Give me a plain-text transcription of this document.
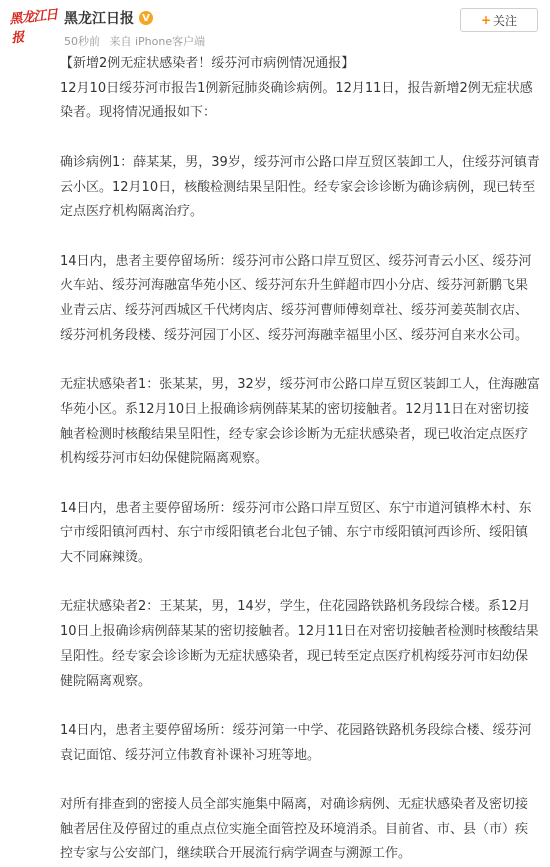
黑龙江日报
黑龙江日报 V
50秒前 来自 iPhone客户端
+ 关注

【新增2例无症状感染者！绥芬河市病例情况通报】

12月10日绥芬河市报告1例新冠肺炎确诊病例。12月11日，报告新增2例无症状感染者。现将情况通报如下：

确诊病例1：薛某某，男，39岁，绥芬河市公路口岸互贸区装卸工人，住绥芬河镇青云小区。12月10日，核酸检测结果呈阳性。经专家会诊诊断为确诊病例，现已转至定点医疗机构隔离治疗。

14日内，患者主要停留场所：绥芬河市公路口岸互贸区、绥芬河青云小区、绥芬河火车站、绥芬河海融富华苑小区、绥芬河东升生鲜超市四小分店、绥芬河新鹏飞果业青云店、绥芬河西城区千代烤肉店、绥芬河曹师傅刻章社、绥芬河姜英制衣店、绥芬河机务段楼、绥芬河园丁小区、绥芬河海融幸福里小区、绥芬河自来水公司。

无症状感染者1：张某某，男，32岁，绥芬河市公路口岸互贸区装卸工人，住海融富华苑小区。系12月10日上报确诊病例薛某某的密切接触者。12月11日在对密切接触者检测时核酸结果呈阳性，经专家会诊诊断为无症状感染者，现已收治定点医疗机构绥芬河市妇幼保健院隔离观察。

14日内，患者主要停留场所：绥芬河市公路口岸互贸区、东宁市道河镇桦木村、东宁市绥阳镇河西村、东宁市绥阳镇老台北包子铺、东宁市绥阳镇河西诊所、绥阳镇大不同麻辣烫。

无症状感染者2：王某某，男，14岁，学生，住花园路铁路机务段综合楼。系12月10日上报确诊病例薛某某的密切接触者。12月11日在对密切接触者检测时核酸结果呈阳性。经专家会诊诊断为无症状感染者，现已转至定点医疗机构绥芬河市妇幼保健院隔离观察。

14日内，患者主要停留场所：绥芬河第一中学、花园路铁路机务段综合楼、绥芬河袁记面馆、绥芬河立伟教育补课补习班等地。

对所有排查到的密接人员全部实施集中隔离，对确诊病例、无症状感染者及密切接触者居住及停留过的重点点位实施全面管控及环境消杀。目前省、市、县（市）疾控专家与公安部门，继续联合开展流行病学调查与溯源工作。
